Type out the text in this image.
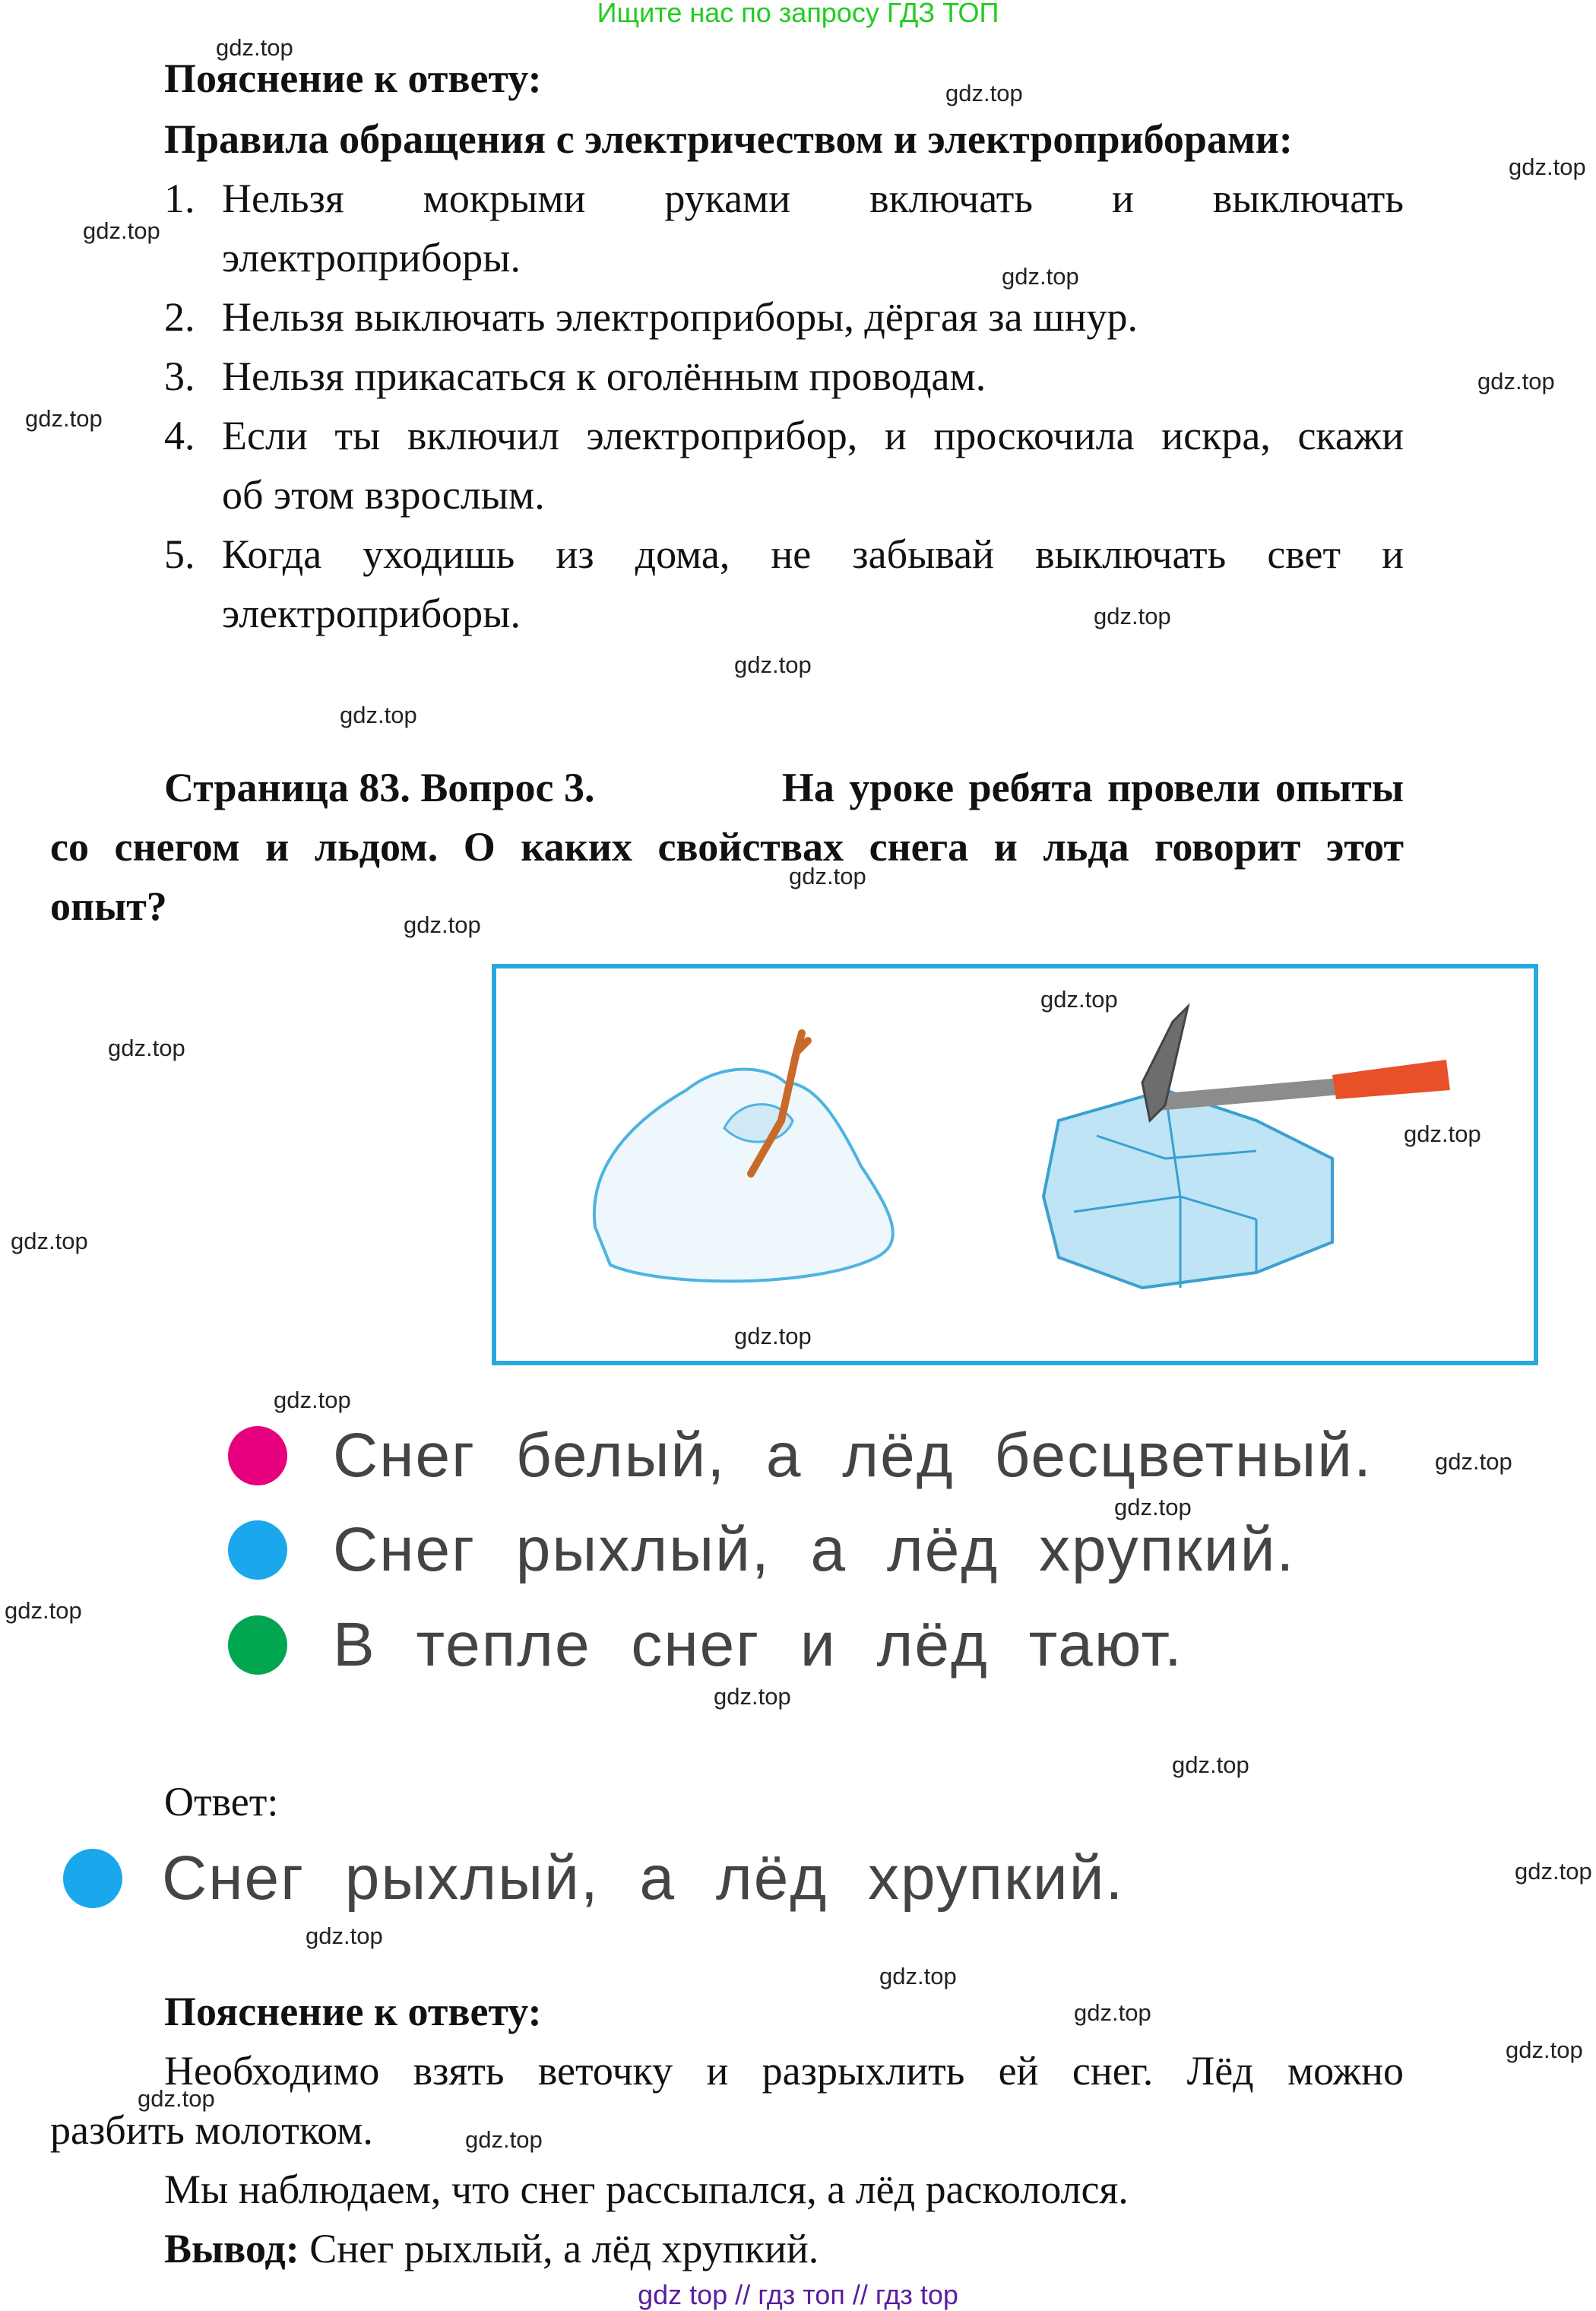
Ищите нас по запросу ГДЗ ТОП
Пояснение к ответу:
Правила обращения с электричеством и электроприборами:
1. Нельзя мокрыми руками включать и выключать
электроприборы.
2. Нельзя выключать электроприборы, дёргая за шнур.
3. Нельзя прикасаться к оголённым проводам.
4. Если ты включил электроприбор, и проскочила искра, скажи
об этом взрослым.
5. Когда уходишь из дома, не забывай выключать свет и
электроприборы.
Страница 83. Вопрос 3.	На уроке ребята провели опыты
со снегом и льдом. О каких свойствах снега и льда говорит этот
опыт?
Снег белый, а лёд бесцветный.
Снег рыхлый, а лёд хрупкий.
В тепле снег и лёд тают.
Ответ:
Снег рыхлый, а лёд хрупкий.
Пояснение к ответу:
Необходимо взять веточку и разрыхлить ей снег. Лёд можно
разбить молотком.
Мы наблюдаем, что снег рассыпался, а лёд раскололся.
Вывод: Снег рыхлый, а лёд хрупкий.
gdz top // гдз топ // гдз top
gdz.top
gdz.top
gdz.top
gdz.top
gdz.top
gdz.top
gdz.top
gdz.top
gdz.top
gdz.top
gdz.top
gdz.top
gdz.top
gdz.top
gdz.top
gdz.top
gdz.top
gdz.top
gdz.top
gdz.top
gdz.top
gdz.top
gdz.top
gdz.top
gdz.top
gdz.top
gdz.top
gdz.top
gdz.top
gdz.top
